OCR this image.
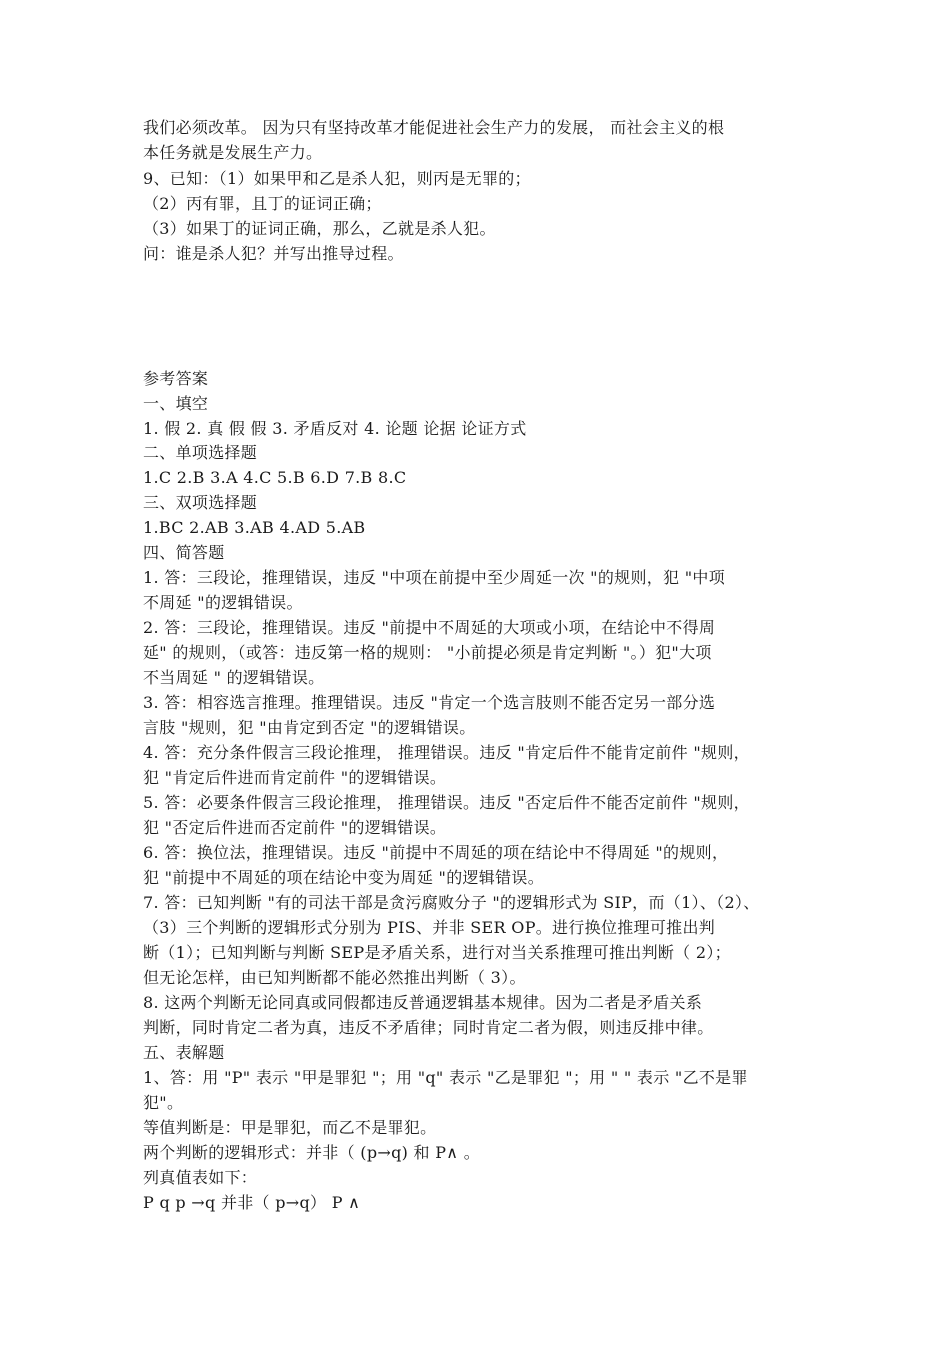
我们必须改革。 因为只有坚持改革才能促进社会生产力的发展， 而社会主义的根
本任务就是发展生产力。
9、已知：（1）如果甲和乙是杀人犯，则丙是无罪的；
（2）丙有罪，且丁的证词正确；
（3）如果丁的证词正确，那么，乙就是杀人犯。
问：谁是杀人犯？并写出推导过程。
参考答案
一、填空
1. 假 2. 真 假 假 3. 矛盾反对 4. 论题 论据 论证方式
二、单项选择题
1.C 2.B 3.A 4.C 5.B 6.D 7.B 8.C
三、双项选择题
1.BC 2.AB 3.AB 4.AD 5.AB
四、简答题
1. 答：三段论，推理错误，违反 "中项在前提中至少周延一次 "的规则，犯 "中项
不周延 "的逻辑错误。
2. 答：三段论，推理错误。违反 "前提中不周延的大项或小项，在结论中不得周
延" 的规则，（或答：违反第一格的规则： "小前提必须是肯定判断 "。）犯"大项
不当周延 " 的逻辑错误。
3. 答：相容选言推理。推理错误。违反 "肯定一个选言肢则不能否定另一部分选
言肢 "规则，犯 "由肯定到否定 "的逻辑错误。
4. 答：充分条件假言三段论推理， 推理错误。违反 "肯定后件不能肯定前件 "规则，
犯 "肯定后件进而肯定前件 "的逻辑错误。
5. 答：必要条件假言三段论推理， 推理错误。违反 "否定后件不能否定前件 "规则，
犯 "否定后件进而否定前件 "的逻辑错误。
6. 答：换位法，推理错误。违反 "前提中不周延的项在结论中不得周延 "的规则，
犯 "前提中不周延的项在结论中变为周延 "的逻辑错误。
7. 答：已知判断 "有的司法干部是贪污腐败分子 "的逻辑形式为 SIP，而（1）、（2）、
（3）三个判断的逻辑形式分别为 PIS、并非 SER OP。进行换位推理可推出判
断（1）；已知判断与判断 SEP是矛盾关系，进行对当关系推理可推出判断（ 2）；
但无论怎样，由已知判断都不能必然推出判断（ 3）。
8. 这两个判断无论同真或同假都违反普通逻辑基本规律。因为二者是矛盾关系
判断，同时肯定二者为真，违反不矛盾律；同时肯定二者为假，则违反排中律。
五、表解题
1、答：用 "P" 表示 "甲是罪犯 "；用 "q" 表示 "乙是罪犯 "；用 " " 表示 "乙不是罪
犯"。
等值判断是：甲是罪犯，而乙不是罪犯。
两个判断的逻辑形式：并非（ (p→q) 和 P∧ 。
列真值表如下：
P q p →q 并非（ p→q） P ∧
